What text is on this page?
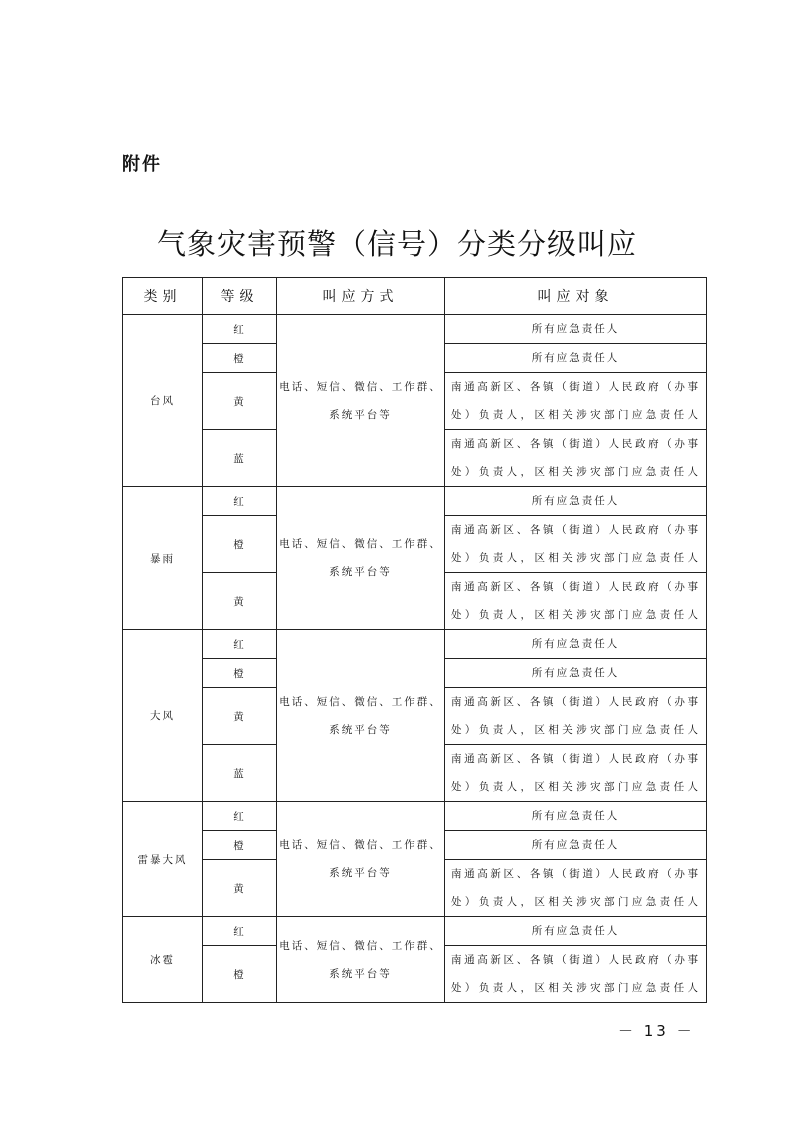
附件
气象灾害预警（信号）分类分级叫应
类别	等级	叫应方式	叫应对象
台风	红	电话、短信、微信、工作群、系统平台等	所有应急责任人
	橙		所有应急责任人
	黄		南通高新区、各镇（街道）人民政府（办事处）负责人，区相关涉灾部门应急责任人
	蓝		南通高新区、各镇（街道）人民政府（办事处）负责人，区相关涉灾部门应急责任人
暴雨	红	电话、短信、微信、工作群、系统平台等	所有应急责任人
	橙		南通高新区、各镇（街道）人民政府（办事处）负责人，区相关涉灾部门应急责任人
	黄		南通高新区、各镇（街道）人民政府（办事处）负责人，区相关涉灾部门应急责任人
大风	红	电话、短信、微信、工作群、系统平台等	所有应急责任人
	橙		所有应急责任人
	黄		南通高新区、各镇（街道）人民政府（办事处）负责人，区相关涉灾部门应急责任人
	蓝		南通高新区、各镇（街道）人民政府（办事处）负责人，区相关涉灾部门应急责任人
雷暴大风	红	电话、短信、微信、工作群、系统平台等	所有应急责任人
	橙		所有应急责任人
	黄		南通高新区、各镇（街道）人民政府（办事处）负责人，区相关涉灾部门应急责任人
冰雹	红	电话、短信、微信、工作群、系统平台等	所有应急责任人
	橙		南通高新区、各镇（街道）人民政府（办事处）负责人，区相关涉灾部门应急责任人
－ 13 －
